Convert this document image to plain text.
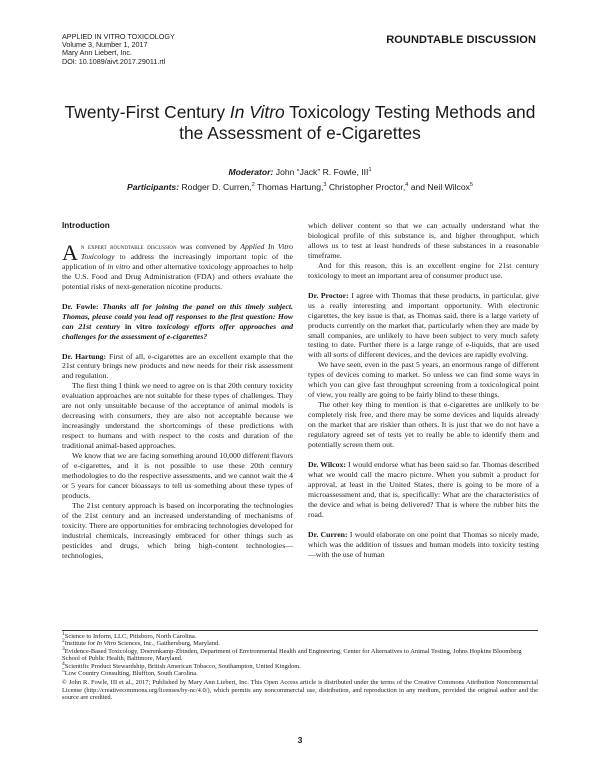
APPLIED IN VITRO TOXICOLOGY
Volume 3, Number 1, 2017
Mary Ann Liebert, Inc.
DOI: 10.1089/aivt.2017.29011.rtl
ROUNDTABLE DISCUSSION
Twenty-First Century In Vitro Toxicology Testing Methods and the Assessment of e-Cigarettes
Moderator: John “Jack” R. Fowle, III$^1$
Participants: Rodger D. Curren,$^2$ Thomas Hartung,$^3$ Christopher Proctor,$^4$ and Neil Wilcox$^5$
Introduction

An expert roundtable discussion was convened by Applied In Vitro Toxicology to address the increasingly important topic of the application of in vitro and other alternative toxicology approaches to help the U.S. Food and Drug Administration (FDA) and others evaluate the potential risks of next-generation nicotine products.

Dr. Fowle: Thanks all for joining the panel on this timely subject. Thomas, please could you lead off responses to the first question: How can 21st century in vitro toxicology efforts offer approaches and challenges for the assessment of e-cigarettes?

Dr. Hartung: First of all, e-cigarettes are an excellent example that the 21st century brings new products and new needs for their risk assessment and regulation.

The first thing I think we need to agree on is that 20th century toxicity evaluation approaches are not suitable for these types of challenges. They are not only unsuitable because of the acceptance of animal models is decreasing with consumers, they are also not acceptable because we increasingly understand the shortcomings of these predictions with respect to humans and with respect to the costs and duration of the traditional animal-based approaches.

We know that we are facing something around 10,000 different flavors of e-cigarettes, and it is not possible to use these 20th century methodologies to do the respective assessments, and we cannot wait the 4 or 5 years for cancer bioassays to tell us something about these types of products.

The 21st century approach is based on incorporating the technologies of the 21st century and an increased understanding of mechanisms of toxicity. There are opportunities for embracing technologies developed for industrial chemicals, increasingly embraced for other things such as pesticides and drugs, which bring high-content technologies—technologies,

which deliver content so that we can actually understand what the biological profile of this substance is, and higher throughput, which allows us to test at least hundreds of these substances in a reasonable timeframe.

And for this reason, this is an excellent engine for 21st century toxicology to meet an important area of consumer product use.

Dr. Proctor: I agree with Thomas that these products, in particular, give us a really interesting and important opportunity. With electronic cigarettes, the key issue is that, as Thomas said, there is a large variety of products currently on the market that, particularly when they are made by small companies, are unlikely to have been subject to very much safety testing to date. Further there is a large range of e-liquids, that are used with all sorts of different devices, and the devices are rapidly evolving.

We have seen, even in the past 5 years, an enormous range of different types of devices coming to market. So unless we can find some ways in which you can give fast throughput screening from a toxicological point of view, you really are going to be fairly blind to these things.

The other key thing to mention is that e-cigarettes are unlikely to be completely risk free, and there may be some devices and liquids already on the market that are riskier than others. It is just that we do not have a regulatory agreed set of tests yet to really be able to identify them and potentially screen them out.

Dr. Wilcox: I would endorse what has been said so far. Thomas described what we would call the macro picture. When you submit a product for approval, at least in the United States, there is going to be more of a microassessment and, that is, specifically: What are the characteristics of the device and what is being delivered? That is where the rubber hits the road.

Dr. Curren: I would elaborate on one point that Thomas so nicely made, which was the addition of tissues and human models into toxicity testing—with the use of human

$^1$Science to Inform, LLC, Pittsboro, North Carolina.

$^2$Institute for In Vitro Sciences, Inc., Gaithersburg, Maryland.

$^3$Evidence-Based Toxicology, Doerenkamp-Zbinden, Department of Environmental Health and Engineering, Center for Alternatives to Animal Testing, Johns Hopkins Bloomberg School of Public Health, Baltimore, Maryland.

$^4$Scientific Product Stewardship, British American Tobacco, Southampton, United Kingdom.

$^5$Low Country Consulting, Bluffton, South Carolina.

© John R. Fowle, III et al., 2017; Published by Mary Ann Liebert, Inc. This Open Access article is distributed under the terms of the Creative Commons Attribution Noncommercial License (http://creativecommons.org/licenses/by-nc/4.0/), which permits any noncommercial use, distribution, and reproduction in any medium, provided the original author and the source are credited.

3
